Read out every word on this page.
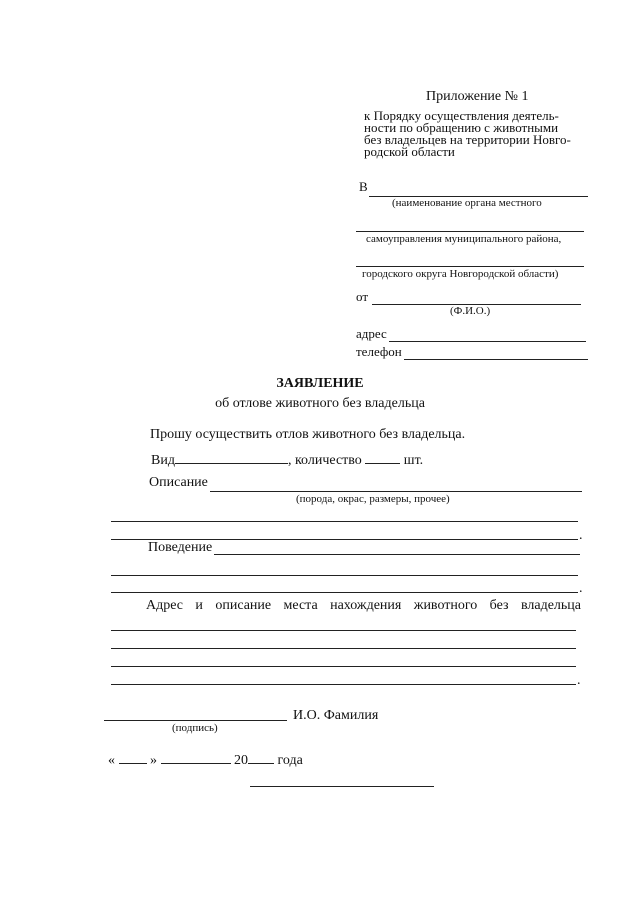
Приложение № 1
к Порядку осуществления деятель-
ности по обращению с животными
без владельцев на территории Новго-
родской области
В
(наименование органа местного
самоуправления муниципального района,
городского округа Новгородской области)
от
(Ф.И.О.)
адрес
телефон
ЗАЯВЛЕНИЕ
об отлове животного без владельца
Прошу осуществить отлов животного без владельца.
Вид	, количество	шт.
Описание
(порода, окрас, размеры, прочее)
.
Поведение
.
Адрес и описание места нахождения животного без владельца
.
И.О. Фамилия
(подпись)
«	»	20 года
